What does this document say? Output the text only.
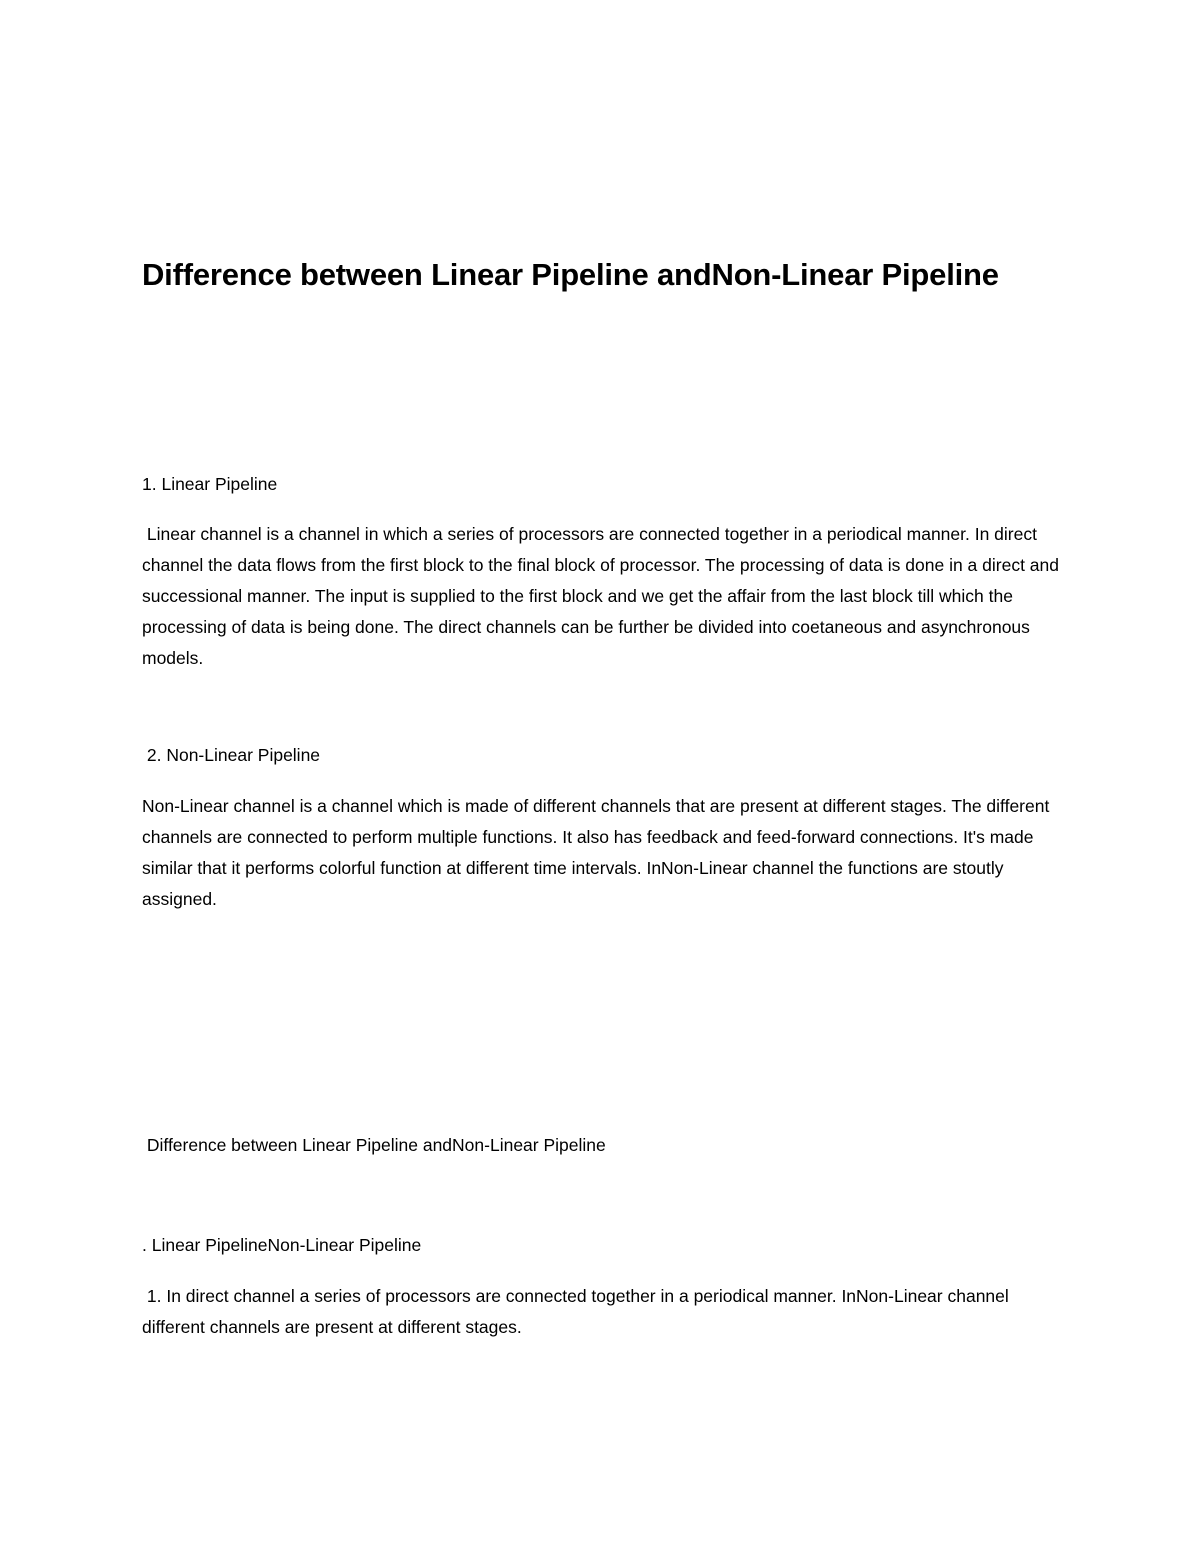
Difference between Linear Pipeline andNon-Linear Pipeline

1. Linear Pipeline

Linear channel is a channel in which a series of processors are connected together in a periodical manner. In direct channel the data flows from the first block to the final block of processor. The processing of data is done in a direct and successional manner. The input is supplied to the first block and we get the affair from the last block till which the processing of data is being done. The direct channels can be further be divided into coetaneous and asynchronous models.

2. Non-Linear Pipeline

Non-Linear channel is a channel which is made of different channels that are present at different stages. The different channels are connected to perform multiple functions. It also has feedback and feed-forward connections. It's made similar that it performs colorful function at different time intervals. InNon-Linear channel the functions are stoutly assigned.

Difference between Linear Pipeline andNon-Linear Pipeline

. Linear PipelineNon-Linear Pipeline

1. In direct channel a series of processors are connected together in a periodical manner. InNon-Linear channel different channels are present at different stages.
